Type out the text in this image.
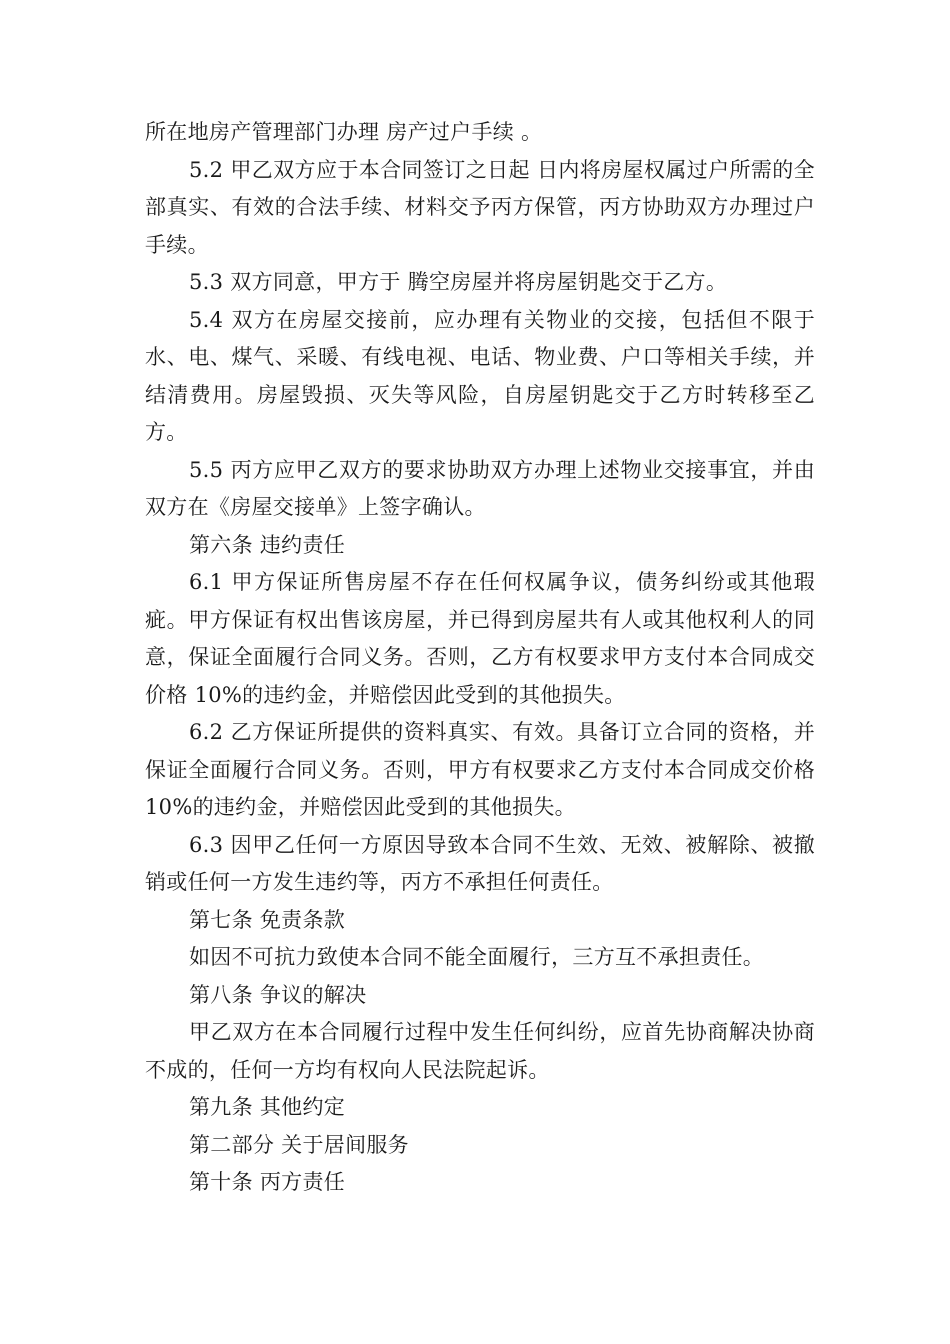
所在地房产管理部门办理 房产过户手续 。

5.2 甲乙双方应于本合同签订之日起 日内将房屋权属过户所需的全部真实、有效的合法手续、材料交予丙方保管，丙方协助双方办理过户手续。

5.3 双方同意，甲方于 腾空房屋并将房屋钥匙交于乙方。

5.4 双方在房屋交接前，应办理有关物业的交接，包括但不限于水、电、煤气、采暖、有线电视、电话、物业费、户口等相关手续，并结清费用。房屋毁损、灭失等风险，自房屋钥匙交于乙方时转移至乙方。

5.5 丙方应甲乙双方的要求协助双方办理上述物业交接事宜，并由双方在《房屋交接单》上签字确认。

第六条 违约责任

6.1 甲方保证所售房屋不存在任何权属争议，债务纠纷或其他瑕疵。甲方保证有权出售该房屋，并已得到房屋共有人或其他权利人的同意，保证全面履行合同义务。否则，乙方有权要求甲方支付本合同成交价格 10%的违约金，并赔偿因此受到的其他损失。

6.2 乙方保证所提供的资料真实、有效。具备订立合同的资格，并保证全面履行合同义务。否则，甲方有权要求乙方支付本合同成交价格 10%的违约金，并赔偿因此受到的其他损失。

6.3 因甲乙任何一方原因导致本合同不生效、无效、被解除、被撤销或任何一方发生违约等，丙方不承担任何责任。

第七条 免责条款

如因不可抗力致使本合同不能全面履行，三方互不承担责任。

第八条 争议的解决

甲乙双方在本合同履行过程中发生任何纠纷，应首先协商解决协商不成的，任何一方均有权向人民法院起诉。

第九条 其他约定

第二部分 关于居间服务

第十条 丙方责任
